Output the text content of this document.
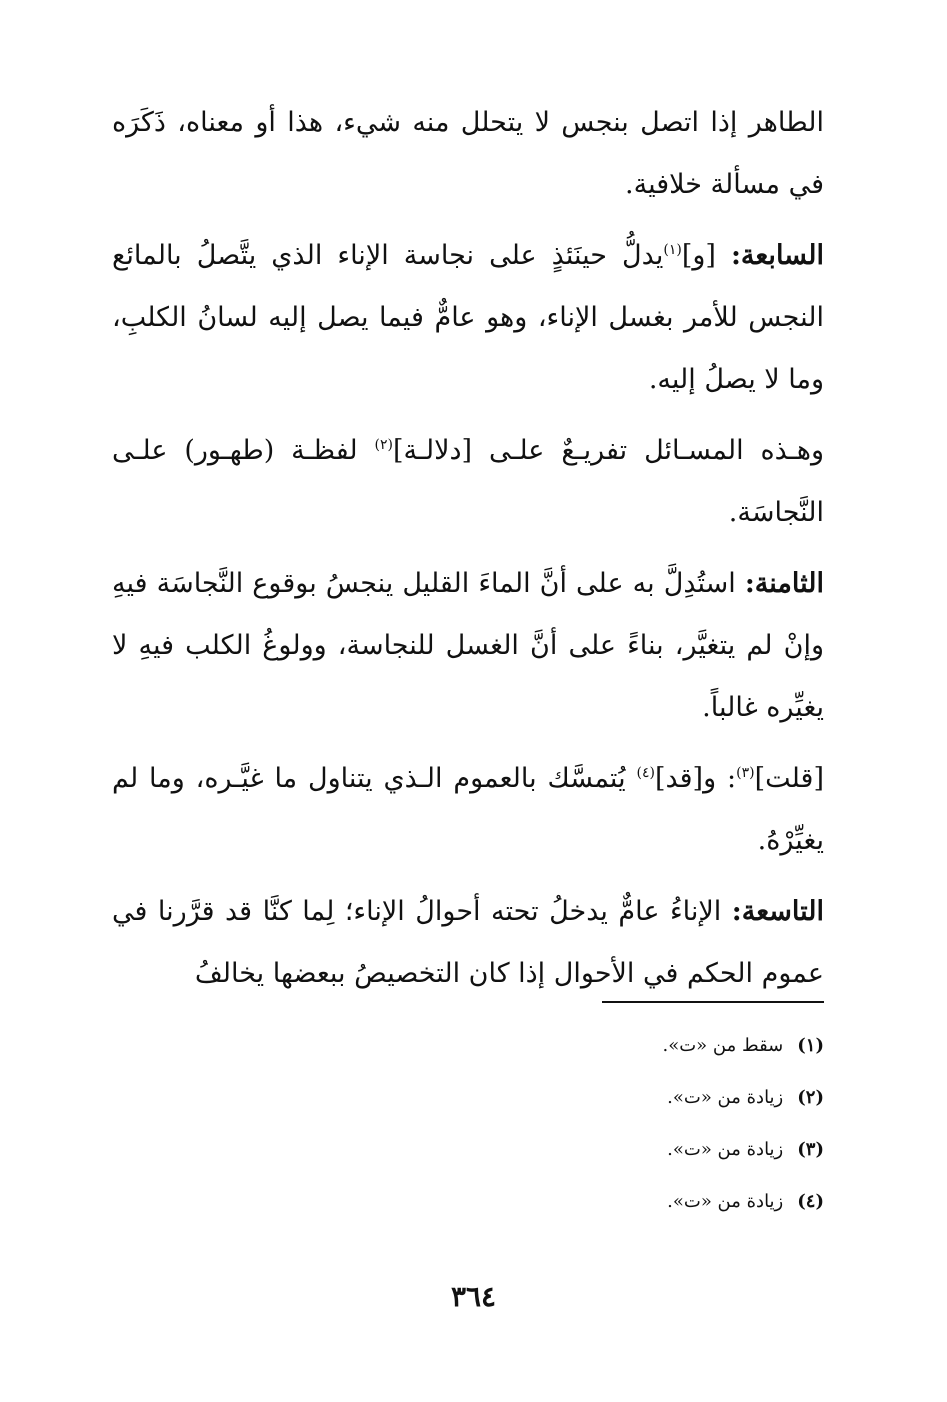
الطاهر إذا اتصل بنجس لا يتحلل منه شيء، هذا أو معناه، ذَكَرَه في مسألة خلافية.

السابعة: [و]$^{(١)}$يدلُّ حينَئذٍ على نجاسة الإناء الذي يتَّصلُ بالمائع النجس للأمر بغسل الإناء، وهو عامٌّ فيما يصل إليه لسانُ الكلبِ، وما لا يصلُ إليه.

وهـذه المسـائل تفريـعٌ علـى [دلالـة]$^{(٢)}$ لفظـة (طهـور) علـى النَّجاسَة.

الثامنة: استُدِلَّ به على أنَّ الماءَ القليل ينجسُ بوقوع النَّجاسَة فيهِ وإنْ لم يتغيَّر، بناءً على أنَّ الغسل للنجاسة، وولوغُ الكلب فيهِ لا يغيِّره غالباً.

[قلت]$^{(٣)}$: و[قد]$^{(٤)}$ يُتمسَّك بالعموم الـذي يتناول ما غيَّـره، وما لم يغيِّرْهُ.

التاسعة: الإناءُ عامٌّ يدخلُ تحته أحوالُ الإناء؛ لِما كنَّا قد قرَّرنا في عموم الحكم في الأحوال إذا كان التخصيصُ ببعضها يخالفُ

(١)سقط من «ت».
(٢)زيادة من «ت».
(٣)زيادة من «ت».
(٤)زيادة من «ت».
٣٦٤
